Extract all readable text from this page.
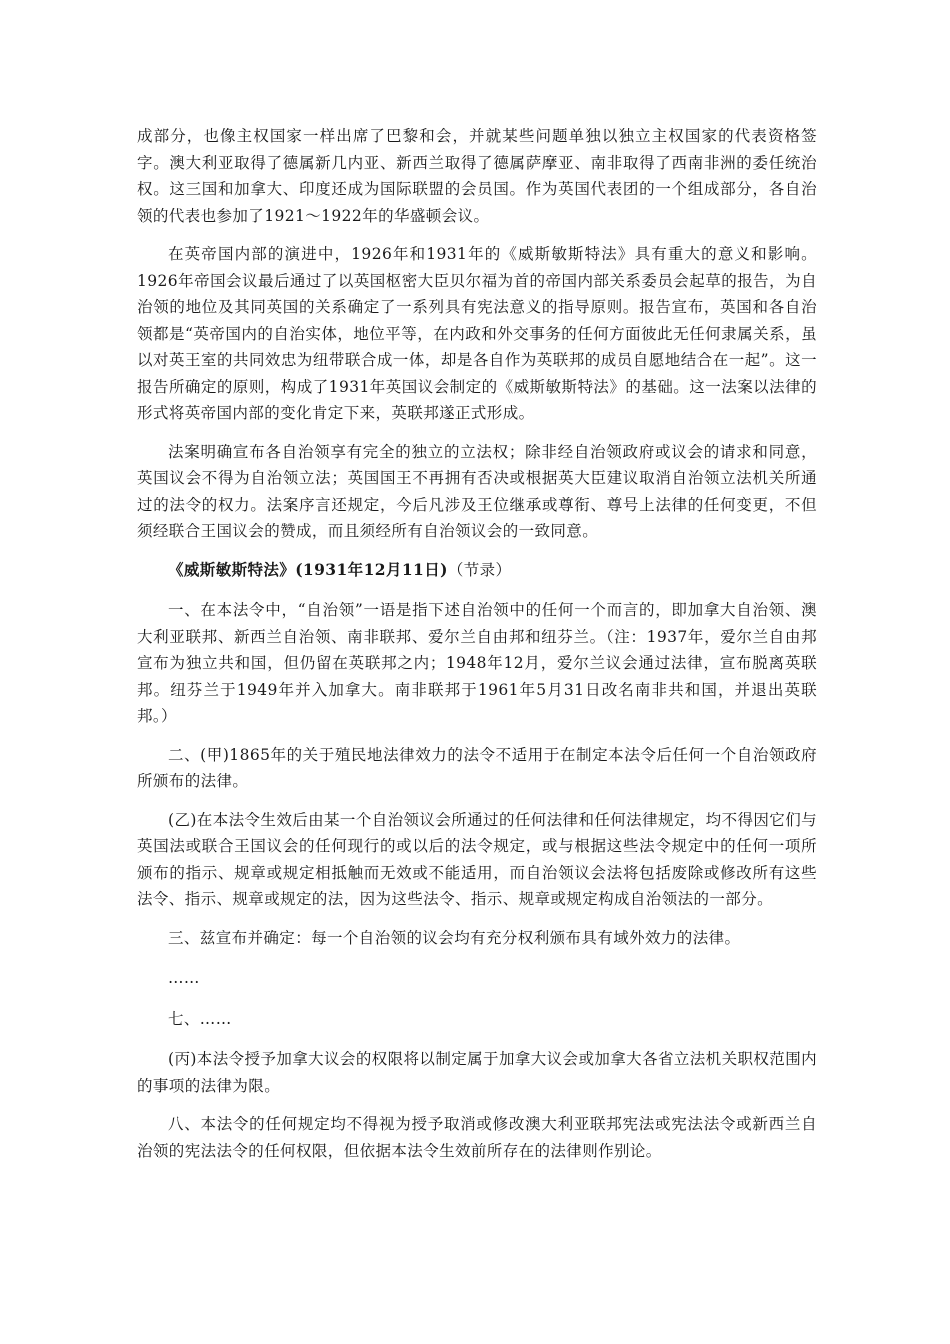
成部分，也像主权国家一样出席了巴黎和会，并就某些问题单独以独立主权国家的代表资格签字。澳大利亚取得了德属新几内亚、新西兰取得了德属萨摩亚、南非取得了西南非洲的委任统治权。这三国和加拿大、印度还成为国际联盟的会员国。作为英国代表团的一个组成部分，各自治领的代表也参加了1921～1922年的华盛顿会议。

在英帝国内部的演进中，1926年和1931年的《威斯敏斯特法》具有重大的意义和影响。1926年帝国会议最后通过了以英国枢密大臣贝尔福为首的帝国内部关系委员会起草的报告，为自治领的地位及其同英国的关系确定了一系列具有宪法意义的指导原则。报告宣布，英国和各自治领都是“英帝国内的自治实体，地位平等，在内政和外交事务的任何方面彼此无任何隶属关系，虽以对英王室的共同效忠为纽带联合成一体，却是各自作为英联邦的成员自愿地结合在一起”。这一报告所确定的原则，构成了1931年英国议会制定的《威斯敏斯特法》的基础。这一法案以法律的形式将英帝国内部的变化肯定下来，英联邦遂正式形成。

法案明确宣布各自治领享有完全的独立的立法权；除非经自治领政府或议会的请求和同意，英国议会不得为自治领立法；英国国王不再拥有否决或根据英大臣建议取消自治领立法机关所通过的法令的权力。法案序言还规定，今后凡涉及王位继承或尊衔、尊号上法律的任何变更，不但须经联合王国议会的赞成，而且须经所有自治领议会的一致同意。

《威斯敏斯特法》(1931年12月11日)（节录）

一、在本法令中，“自治领”一语是指下述自治领中的任何一个而言的，即加拿大自治领、澳大利亚联邦、新西兰自治领、南非联邦、爱尔兰自由邦和纽芬兰。（注：1937年，爱尔兰自由邦宣布为独立共和国，但仍留在英联邦之内；1948年12月，爱尔兰议会通过法律，宣布脱离英联邦。纽芬兰于1949年并入加拿大。南非联邦于1961年5月31日改名南非共和国，并退出英联邦。）

二、(甲)1865年的关于殖民地法律效力的法令不适用于在制定本法令后任何一个自治领政府所颁布的法律。

(乙)在本法令生效后由某一个自治领议会所通过的任何法律和任何法律规定，均不得因它们与英国法或联合王国议会的任何现行的或以后的法令规定，或与根据这些法令规定中的任何一项所颁布的指示、规章或规定相抵触而无效或不能适用，而自治领议会法将包括废除或修改所有这些法令、指示、规章或规定的法，因为这些法令、指示、规章或规定构成自治领法的一部分。

三、兹宣布并确定：每一个自治领的议会均有充分权利颁布具有域外效力的法律。

……

七、……

(丙)本法令授予加拿大议会的权限将以制定属于加拿大议会或加拿大各省立法机关职权范围内的事项的法律为限。

八、本法令的任何规定均不得视为授予取消或修改澳大利亚联邦宪法或宪法法令或新西兰自治领的宪法法令的任何权限，但依据本法令生效前所存在的法律则作别论。
